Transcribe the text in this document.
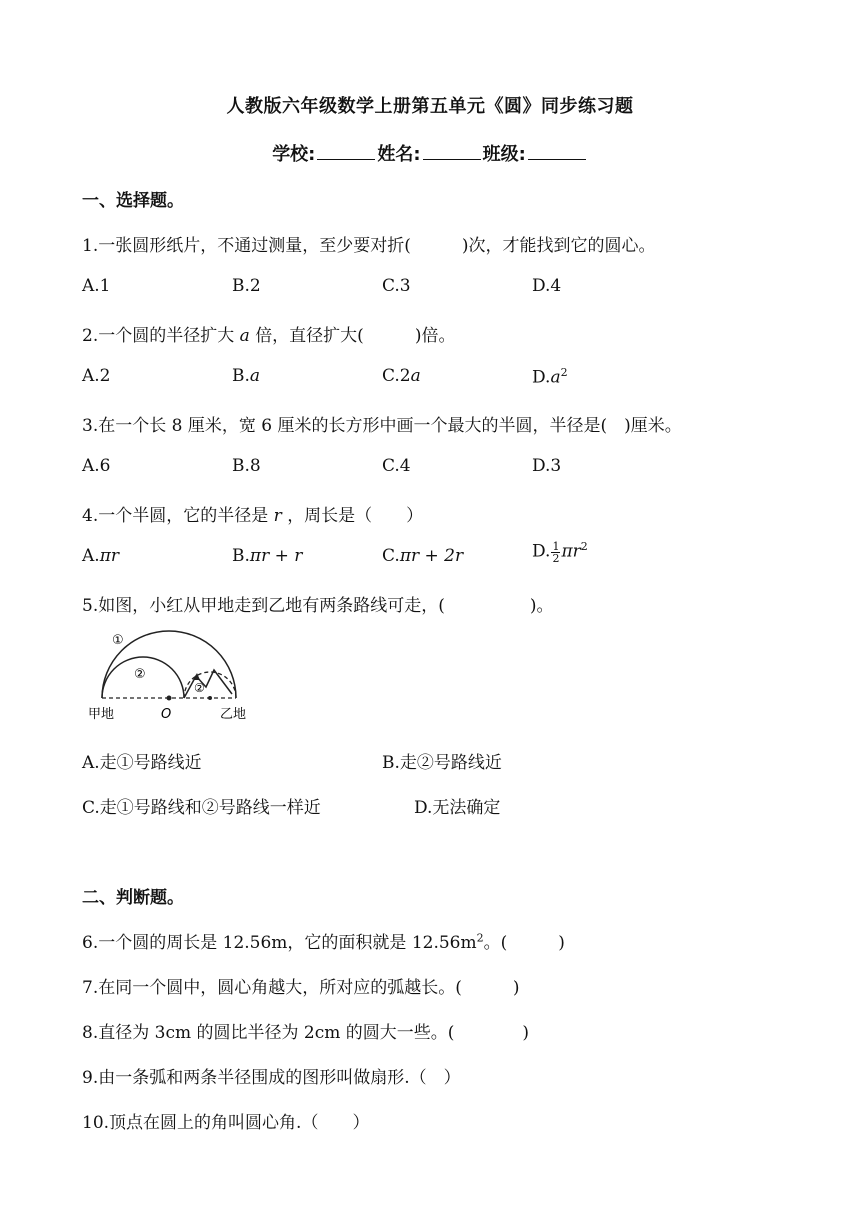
人教版六年级数学上册第五单元《圆》同步练习题
学校:	姓名:	班级:
一、选择题。
1.一张圆形纸片，不通过测量，至少要对折(　　　)次，才能找到它的圆心。
A.1	B.2	C.3	D.4
2.一个圆的半径扩大 a 倍，直径扩大(　　　)倍。
A.2	B.a	C.2a	$D.a^2$
3.在一个长 8 厘米，宽 6 厘米的长方形中画一个最大的半圆，半径是(　)厘米。
A.6	B.8	C.4	D.3
4.一个半圆，它的半径是 r ，周长是（　　）
A.πr	B.πr + r	C.πr + 2r	D. $\frac{1}{2} \pi r^2$
5.如图，小红从甲地走到乙地有两条路线可走，(　　　　　)。
①
②
②
甲地	O	乙地
A.走①号路线近	B.走②号路线近
C.走①号路线和②号路线一样近	D.无法确定
二、判断题。
6.一个圆的周长是 12.56m，它的面积就是 $12.56m^2$。(　　　)
7.在同一个圆中，圆心角越大，所对应的弧越长。(　　　)
8.直径为 3cm 的圆比半径为 2cm 的圆大一些。(　　　　)
9.由一条弧和两条半径围成的图形叫做扇形.（　）
10.顶点在圆上的角叫圆心角.（　　）
